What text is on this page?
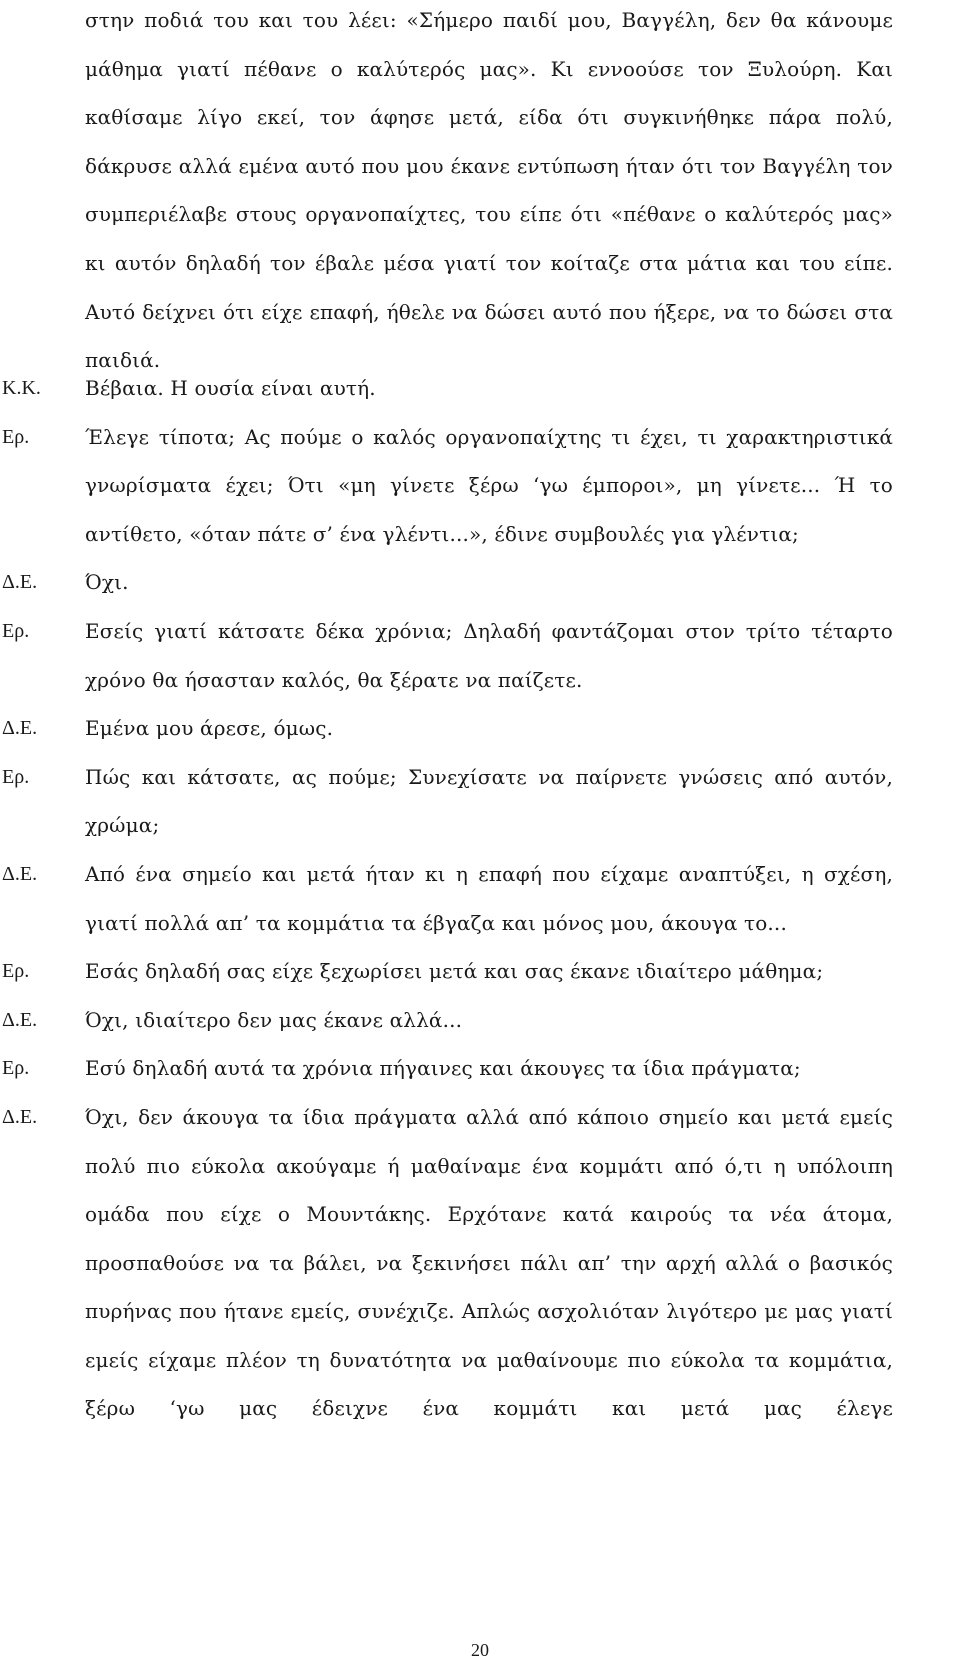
στην ποδιά του και του λέει: «Σήμερο παιδί μου, Βαγγέλη, δεν θα κάνουμε μάθημα γιατί πέθανε ο καλύτερός μας». Κι εννοούσε τον Ξυλούρη. Και καθίσαμε λίγο εκεί, τον άφησε μετά, είδα ότι συγκινήθηκε πάρα πολύ, δάκρυσε αλλά εμένα αυτό που μου έκανε εντύπωση ήταν ότι τον Βαγγέλη τον συμπεριέλαβε στους οργανοπαίχτες, του είπε ότι «πέθανε ο καλύτερός μας» κι αυτόν δηλαδή τον έβαλε μέσα γιατί τον κοίταζε στα μάτια και του είπε. Αυτό δείχνει ότι είχε επαφή, ήθελε να δώσει αυτό που ήξερε, να το δώσει στα παιδιά.

Κ.Κ. Βέβαια. Η ουσία είναι αυτή.

Ερ.	Έλεγε τίποτα; Ας πούμε ο καλός οργανοπαίχτης τι έχει, τι χαρακτηριστικά γνωρίσματα έχει; Ότι «μη γίνετε ξέρω ‘γω έμποροι», μη γίνετε... Ή το αντίθετο, «όταν πάτε σ’ ένα γλέντι...», έδινε συμβουλές για γλέντια;

Δ.Ε. Όχι.

Ερ.	Εσείς γιατί κάτσατε δέκα χρόνια; Δηλαδή φαντάζομαι στον τρίτο τέταρτο χρόνο θα ήσασταν καλός, θα ξέρατε να παίζετε.

Δ.Ε. Εμένα μου άρεσε, όμως.

Ερ.	Πώς και κάτσατε, ας πούμε; Συνεχίσατε να παίρνετε γνώσεις από αυτόν, χρώμα;

Δ.Ε. Από ένα σημείο και μετά ήταν κι η επαφή που είχαμε αναπτύξει, η σχέση, γιατί πολλά απ’ τα κομμάτια τα έβγαζα και μόνος μου, άκουγα το...

Ερ.	Εσάς δηλαδή σας είχε ξεχωρίσει μετά και σας έκανε ιδιαίτερο μάθημα;

Δ.Ε. Όχι, ιδιαίτερο δεν μας έκανε αλλά...

Ερ.	Εσύ δηλαδή αυτά τα χρόνια πήγαινες και άκουγες τα ίδια πράγματα;

Δ.Ε. Όχι, δεν άκουγα τα ίδια πράγματα αλλά από κάποιο σημείο και μετά εμείς πολύ πιο εύκολα ακούγαμε ή μαθαίναμε ένα κομμάτι από ό,τι η υπόλοιπη ομάδα που είχε ο Μουντάκης. Ερχότανε κατά καιρούς τα νέα άτομα, προσπαθούσε να τα βάλει, να ξεκινήσει πάλι απ’ την αρχή αλλά ο βασικός πυρήνας που ήτανε εμείς, συνέχιζε. Απλώς ασχολιόταν λιγότερο με μας γιατί εμείς είχαμε πλέον τη δυνατότητα να μαθαίνουμε πιο εύκολα τα κομμάτια, ξέρω ‘γω μας έδειχνε ένα κομμάτι και μετά μας έλεγε

20
